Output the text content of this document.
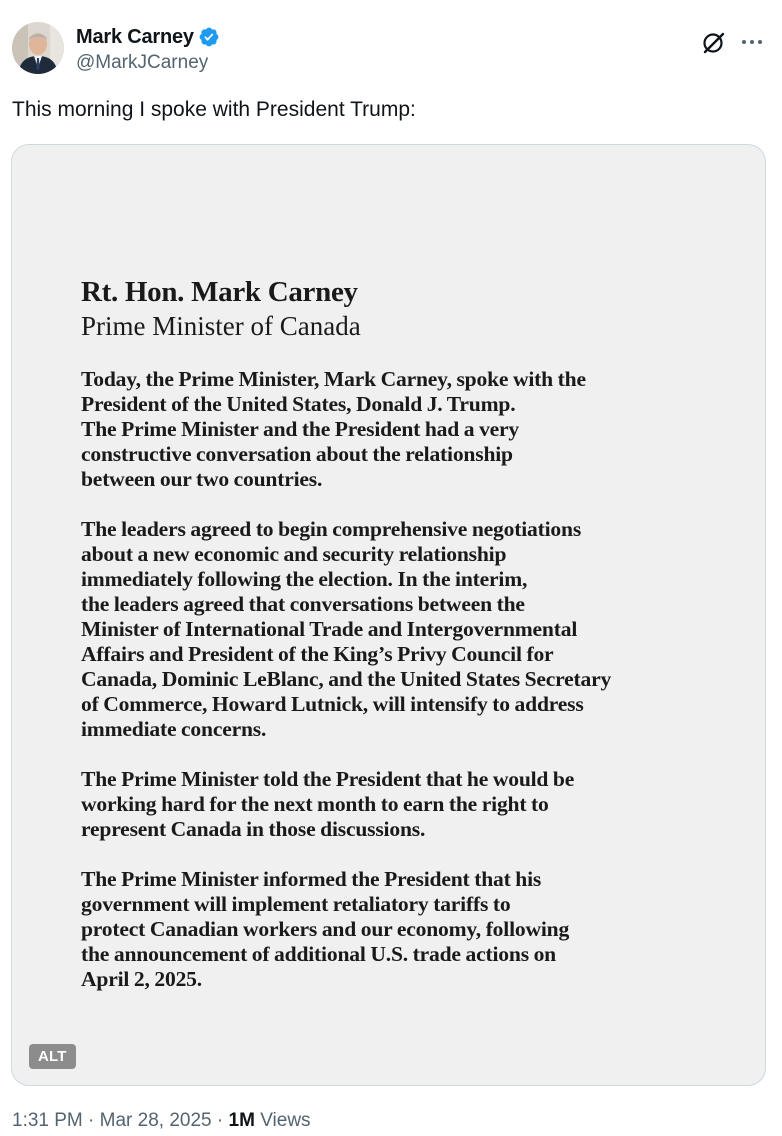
Mark Carney
@MarkJCarney
This morning I spoke with President Trump:
Rt. Hon. Mark Carney
Prime Minister of Canada

Today, the Prime Minister, Mark Carney, spoke with the
President of the United States, Donald J. Trump.
The Prime Minister and the President had a very
constructive conversation about the relationship
between our two countries.

The leaders agreed to begin comprehensive negotiations
about a new economic and security relationship
immediately following the election. In the interim,
the leaders agreed that conversations between the
Minister of International Trade and Intergovernmental
Affairs and President of the King’s Privy Council for
Canada, Dominic LeBlanc, and the United States Secretary
of Commerce, Howard Lutnick, will intensify to address
immediate concerns.

The Prime Minister told the President that he would be
working hard for the next month to earn the right to
represent Canada in those discussions.

The Prime Minister informed the President that his
government will implement retaliatory tariffs to
protect Canadian workers and our economy, following
the announcement of additional U.S. trade actions on
April 2, 2025.

ALT
1:31 PM · Mar 28, 2025 · 1M Views
